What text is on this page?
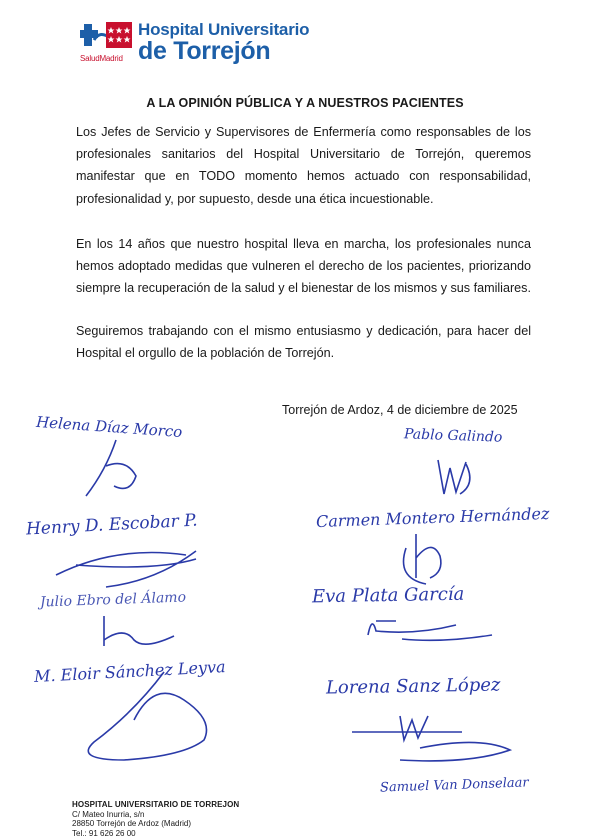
SaludMadrid
Hospital Universitario
de Torrejón
A LA OPINIÓN PÚBLICA Y A NUESTROS PACIENTES
Los Jefes de Servicio y Supervisores de Enfermería como responsables de los profesionales sanitarios del Hospital Universitario de Torrejón, queremos manifestar que en TODO momento hemos actuado con responsabilidad, profesionalidad y, por supuesto, desde una ética incuestionable.
En los 14 años que nuestro hospital lleva en marcha, los profesionales nunca hemos adoptado medidas que vulneren el derecho de los pacientes, priorizando siempre la recuperación de la salud y el bienestar de los mismos y sus familiares.
Seguiremos trabajando con el mismo entusiasmo y dedicación, para hacer del Hospital el orgullo de la población de Torrejón.
Torrejón de Ardoz, 4 de diciembre de 2025
Helena Díaz Morco
Henry D. Escobar P.
Julio Ebro del Álamo
M. Eloir Sánchez Leyva
Pablo Galindo
Carmen Montero Hernández
Eva Plata García
Lorena Sanz López
Samuel Van Donselaar
HOSPITAL UNIVERSITARIO DE TORREJON
C/ Mateo Inurria, s/n
28850 Torrejón de Ardoz (Madrid)
Tel.: 91 626 26 00
